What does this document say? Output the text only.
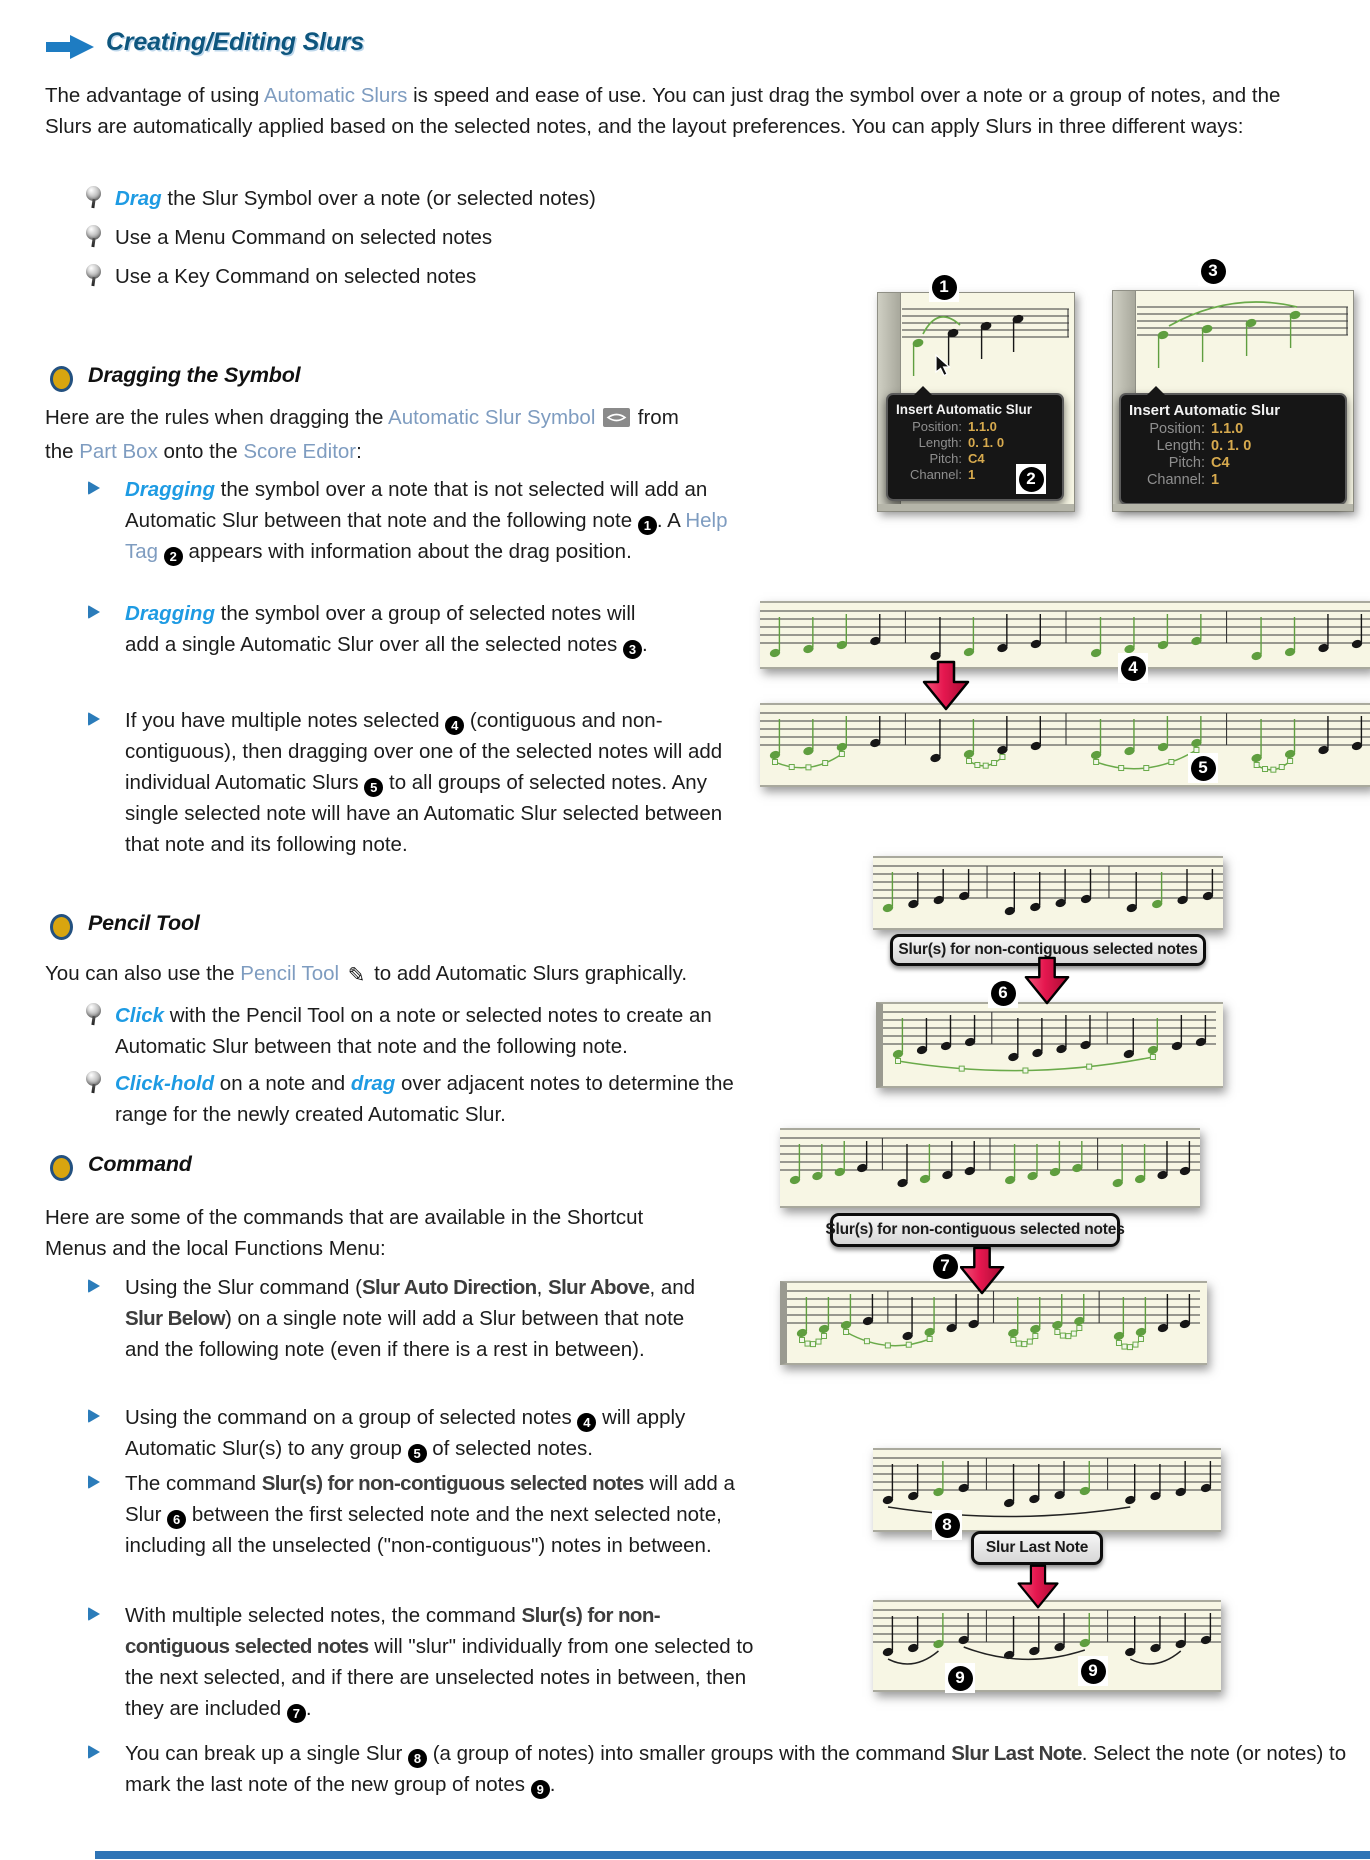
Creating/Editing Slurs
The advantage of using Automatic Slurs is speed and ease of use. You can just drag the symbol over a note or a group of notes, and the Slurs are automatically applied based on the selected notes, and the layout preferences. You can apply Slurs in three different ways:
Drag the Slur Symbol over a note (or selected notes)
Use a Menu Command on selected notes
Use a Key Command on selected notes
Dragging the Symbol
Here are the rules when dragging the Automatic Slur Symbol  from the Part Box onto the Score Editor:
Dragging the symbol over a note that is not selected will add an Automatic Slur between that note and the following note 1 . A Help Tag 2 appears with information about the drag position.
Dragging the symbol over a group of selected notes will add a single Automatic Slur over all the selected notes 3 .
If you have multiple notes selected 4 (contiguous and non-contiguous), then dragging over one of the selected notes will add individual Automatic Slurs 5 to all groups of selected notes. Any single selected note will have an Automatic Slur selected between that note and its following note.
Pencil Tool
You can also use the Pencil Tool ✎ to add Automatic Slurs graphically.
Click with the Pencil Tool on a note or selected notes to create an Automatic Slur between that note and the following note.
Click-hold on a note and drag over adjacent notes to determine the range for the newly created Automatic Slur.
Command
Here are some of the commands that are available in the Shortcut Menus and the local Functions Menu:
Using the Slur command (Slur Auto Direction, Slur Above, and Slur Below) on a single note will add a Slur between that note and the following note (even if there is a rest in between).
Using the command on a group of selected notes 4 will apply Automatic Slur(s) to any group 5 of selected notes.
The command Slur(s) for non-contiguous selected notes will add a Slur 6 between the first selected note and the next selected note, including all the unselected ("non-contiguous") notes in between.
With multiple selected notes, the command Slur(s) for non-contiguous selected notes will "slur" individually from one selected to the next selected, and if there are unselected notes in between, then they are included 7 .
You can break up a single Slur 8 (a group of notes) into smaller groups with the command Slur Last Note. Select the note (or notes) to mark the last note of the new group of notes 9 .
Insert Automatic Slur
Position: 1.1.0
Length: 0. 1. 0
Pitch: C4
Channel: 1
Insert Automatic Slur
Position: 1.1.0
Length: 0. 1. 0
Pitch: C4
Channel: 1
Slur(s) for non-contiguous selected notes
Slur(s) for non-contiguous selected notes
Slur Last Note
1
2
3
4
5
6
7
8
9	9
